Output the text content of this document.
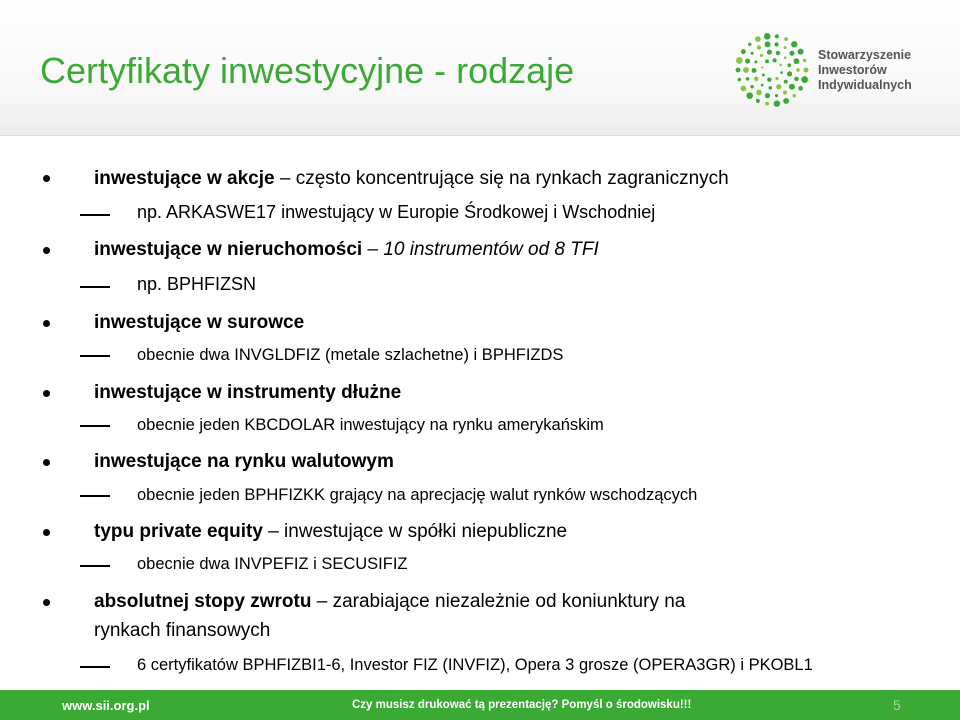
Certyfikaty inwestycyjne - rodzaje	Stowarzyszenie
Inwestorów
Indywidualnych
inwestujące w akcje – często koncentrujące się na rynkach zagranicznych
np. ARKASWE17 inwestujący w Europie Środkowej i Wschodniej
inwestujące w nieruchomości – 10 instrumentów od 8 TFI
np. BPHFIZSN
inwestujące w surowce
obecnie dwa INVGLDFIZ (metale szlachetne) i BPHFIZDS
inwestujące w instrumenty dłużne
obecnie jeden KBCDOLAR inwestujący na rynku amerykańskim
inwestujące na rynku walutowym
obecnie jeden BPHFIZKK grający na aprecjację walut rynków wschodzących
typu private equity – inwestujące w spółki niepubliczne
obecnie dwa INVPEFIZ i SECUSIFIZ
absolutnej stopy zwrotu – zarabiające niezależnie od koniunktury na
rynkach finansowych
6 certyfikatów BPHFIZBI1-6, Investor FIZ (INVFIZ), Opera 3 grosze (OPERA3GR) i PKOBL1
www.sii.org.pl	Czy musisz drukować tą prezentację? Pomyśl o środowisku!!!	5
